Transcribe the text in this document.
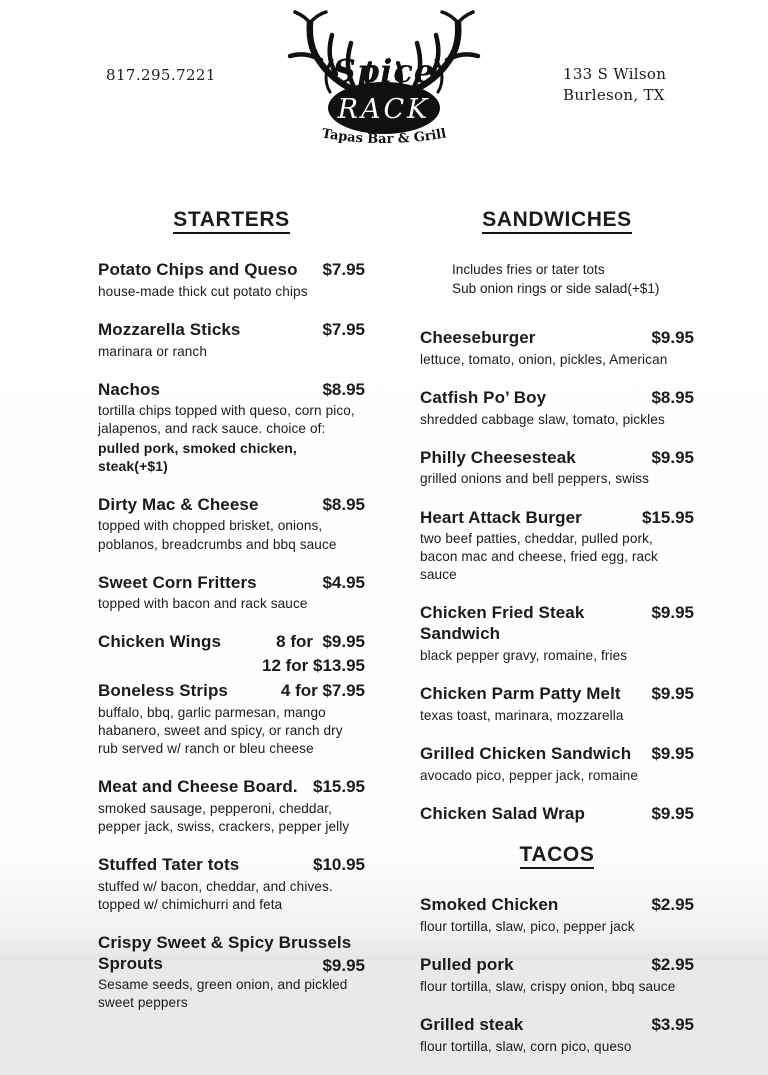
817.295.7221	Spice
RACK
Tapas Bar & Grill
133 S Wilson
Burleson, TX
STARTERS
Potato Chips and Queso $7.95
house-made thick cut potato chips
Mozzarella Sticks	$7.95
marinara or ranch
Nachos	$8.95
tortilla chips topped with queso, corn pico, jalapenos, and rack sauce. choice of:
pulled pork, smoked chicken, steak(+$1)
Dirty Mac & Cheese	$8.95
topped with chopped brisket, onions, poblanos, breadcrumbs and bbq sauce
Sweet Corn Fritters	$4.95
topped with bacon and rack sauce
Chicken Wings	8 for  $9.95
12 for $13.95
Boneless Strips	4 for $7.95
buffalo, bbq, garlic parmesan, mango habanero, sweet and spicy, or ranch dry rub served w/ ranch or bleu cheese
Meat and Cheese Board. $15.95
smoked sausage, pepperoni, cheddar, pepper jack, swiss, crackers, pepper jelly
Stuffed Tater tots	$10.95
stuffed w/ bacon, cheddar, and chives. topped w/ chimichurri and feta
Crispy Sweet & Spicy Brussels Sprouts	$9.95
Sesame seeds, green onion, and pickled sweet peppers
SANDWICHES
Includes fries or tater tots
Sub onion rings or side salad(+$1)
Cheeseburger	$9.95
lettuce, tomato, onion, pickles, American
Catfish Po’ Boy	$8.95
shredded cabbage slaw, tomato, pickles
Philly Cheesesteak	$9.95
grilled onions and bell peppers, swiss
Heart Attack Burger	$15.95
two beef patties, cheddar, pulled pork, bacon mac and cheese, fried egg, rack sauce
Chicken Fried Steak Sandwich
$9.95
black pepper gravy, romaine, fries
Chicken Parm Patty Melt $9.95
texas toast, marinara, mozzarella
Grilled Chicken Sandwich $9.95
avocado pico, pepper jack, romaine
Chicken Salad Wrap	$9.95
TACOS
Smoked Chicken	$2.95
flour tortilla, slaw, pico, pepper jack
Pulled pork	$2.95
flour tortilla, slaw, crispy onion, bbq sauce
Grilled steak	$3.95
flour tortilla, slaw, corn pico, queso
